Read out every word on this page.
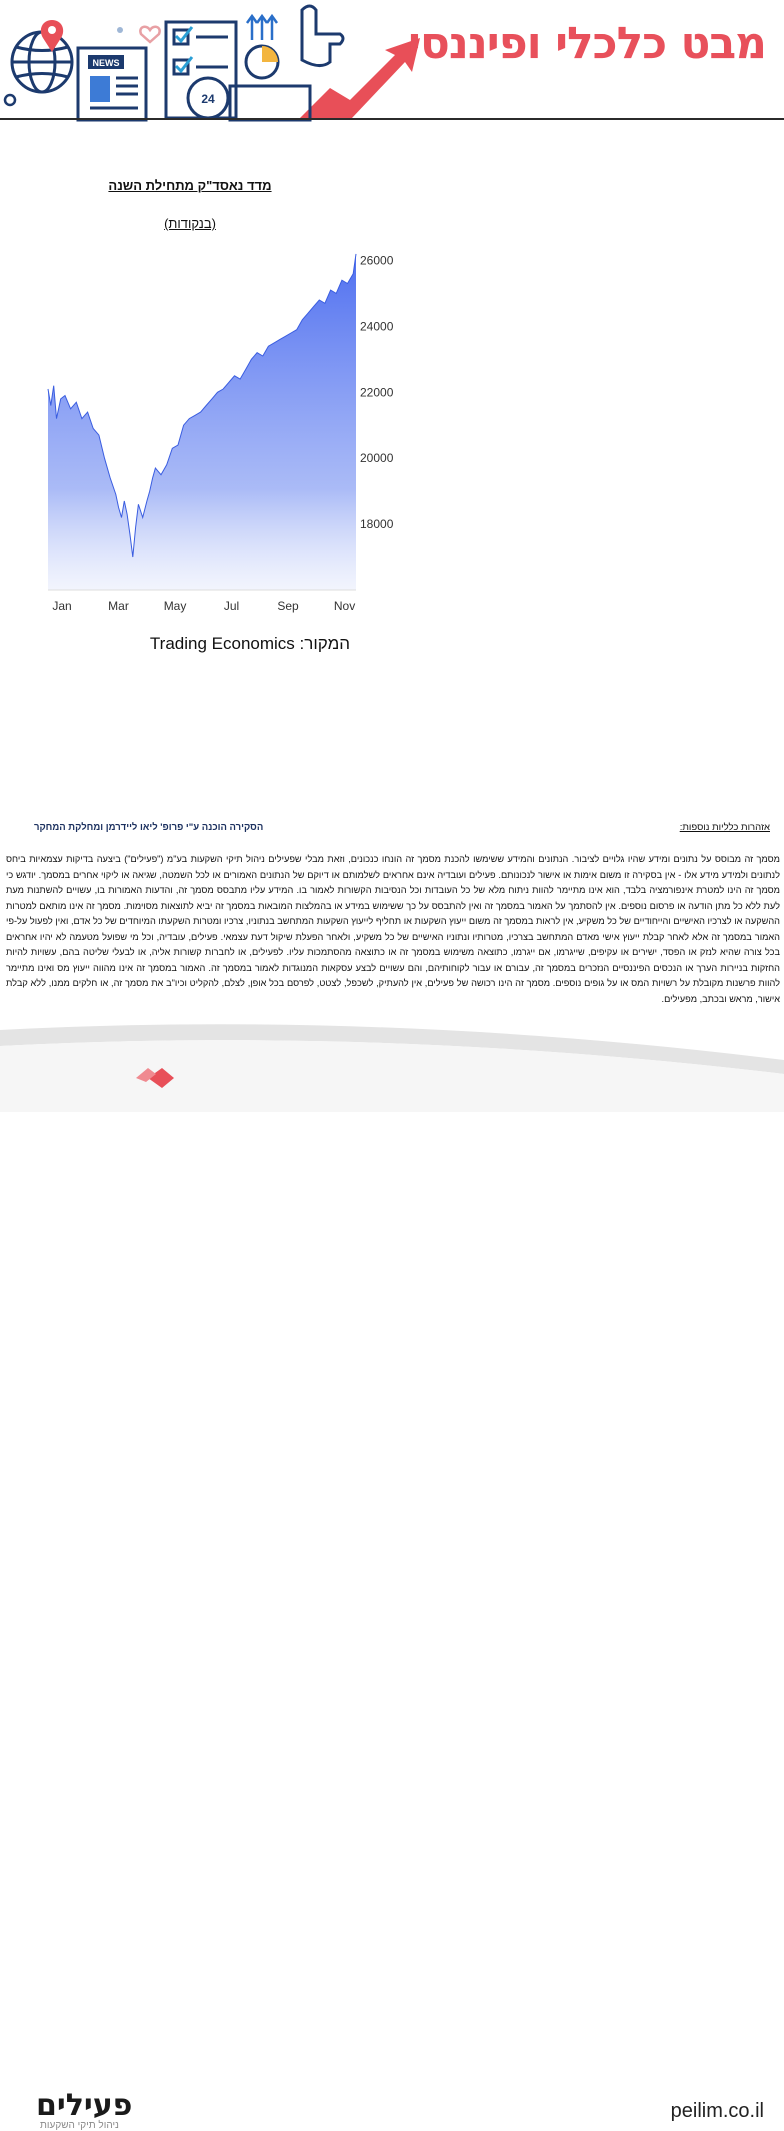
NEWS
24
מבט כלכלי ופיננסי
מדד נאסד"ק מתחילת השנה
(בנקודות)
Jan	Mar	May	Jul	Sep	Nov
26000
24000
22000
20000
18000
המקור: Trading Economics
אזהרות כלליות נוספות:
הסקירה הוכנה ע"י פרופ' ליאו ליידרמן ומחלקת המחקר
מסמך זה מבוסס על נתונים ומידע שהיו גלויים לציבור. הנתונים והמידע ששימשו להכנת מסמך זה הונחו כנכונים, וזאת מבלי שפעילים ניהול תיקי השקעות בע"מ ("פעילים") ביצעה בדיקות עצמאיות ביחס לנתונים ולמידע מידע אלו - אין בסקירה זו משום אימות או אישור לנכונותם. פעילים ועובדיה אינם אחראים לשלמותם או דיוקם של הנתונים האמורים או לכל השמטה, שגיאה או ליקוי אחרים במסמך. יודגש כי מסמך זה הינו למטרת אינפורמציה בלבד, הוא אינו מתיימר להוות ניתוח מלא של כל העובדות וכל הנסיבות הקשורות לאמור בו. המידע עליו מתבסס מסמך זה, והדעות האמורות בו, עשויים להשתנות מעת לעת ללא כל מתן הודעה או פרסום נוספים. אין להסתמך על האמור במסמך זה ואין להתבסס על כך ששימוש במידע או בהמלצות המובאות במסמך זה יביא לתוצאות מסוימות. מסמך זה אינו מותאם למטרות ההשקעה או לצרכיו האישיים והייחודיים של כל משקיע, אין לראות במסמך זה משום ייעוץ השקעות או תחליף לייעוץ השקעות המתחשב בנתוניו, צרכיו ומטרות השקעתו המיוחדים של כל אדם, ואין לפעול על-פי האמור במסמך זה אלא לאחר קבלת ייעוץ אישי מאדם המתחשב בצרכיו, מטרותיו ונתוניו האישיים של כל משקיע, ולאחר הפעלת שיקול דעת עצמאי. פעילים, עובדיה, וכל מי שפועל מטעמה לא יהיו אחראים בכל צורה שהיא לנזק או הפסד, ישירים או עקיפים, שייגרמו, אם ייגרמו, כתוצאה משימוש במסמך זה או כתוצאה מהסתמכות עליו. לפעילים, או לחברות קשורות אליה, או לבעלי שליטה בהם, עשויות להיות החזקות בניירות הערך או הנכסים הפיננסיים הנזכרים במסמך זה, עבורם או עבור לקוחותיהם, והם עשויים לבצע עסקאות המנוגדות לאמור במסמך זה. האמור במסמך זה אינו מהווה ייעוץ מס ואינו מתיימר להוות פרשנות מקובלת על רשויות המס או על גופים נוספים. מסמך זה הינו רכושה של פעילים, אין להעתיק, לשכפל, לצטט, לפרסם בכל אופן, לצלם, להקליט וכיו"ב את מסמך זה, או חלקים ממנו, ללא קבלת אישור, מראש ובכתב, מפעילים.
פעילים
ניהול תיקי השקעות
peilim.co.il
